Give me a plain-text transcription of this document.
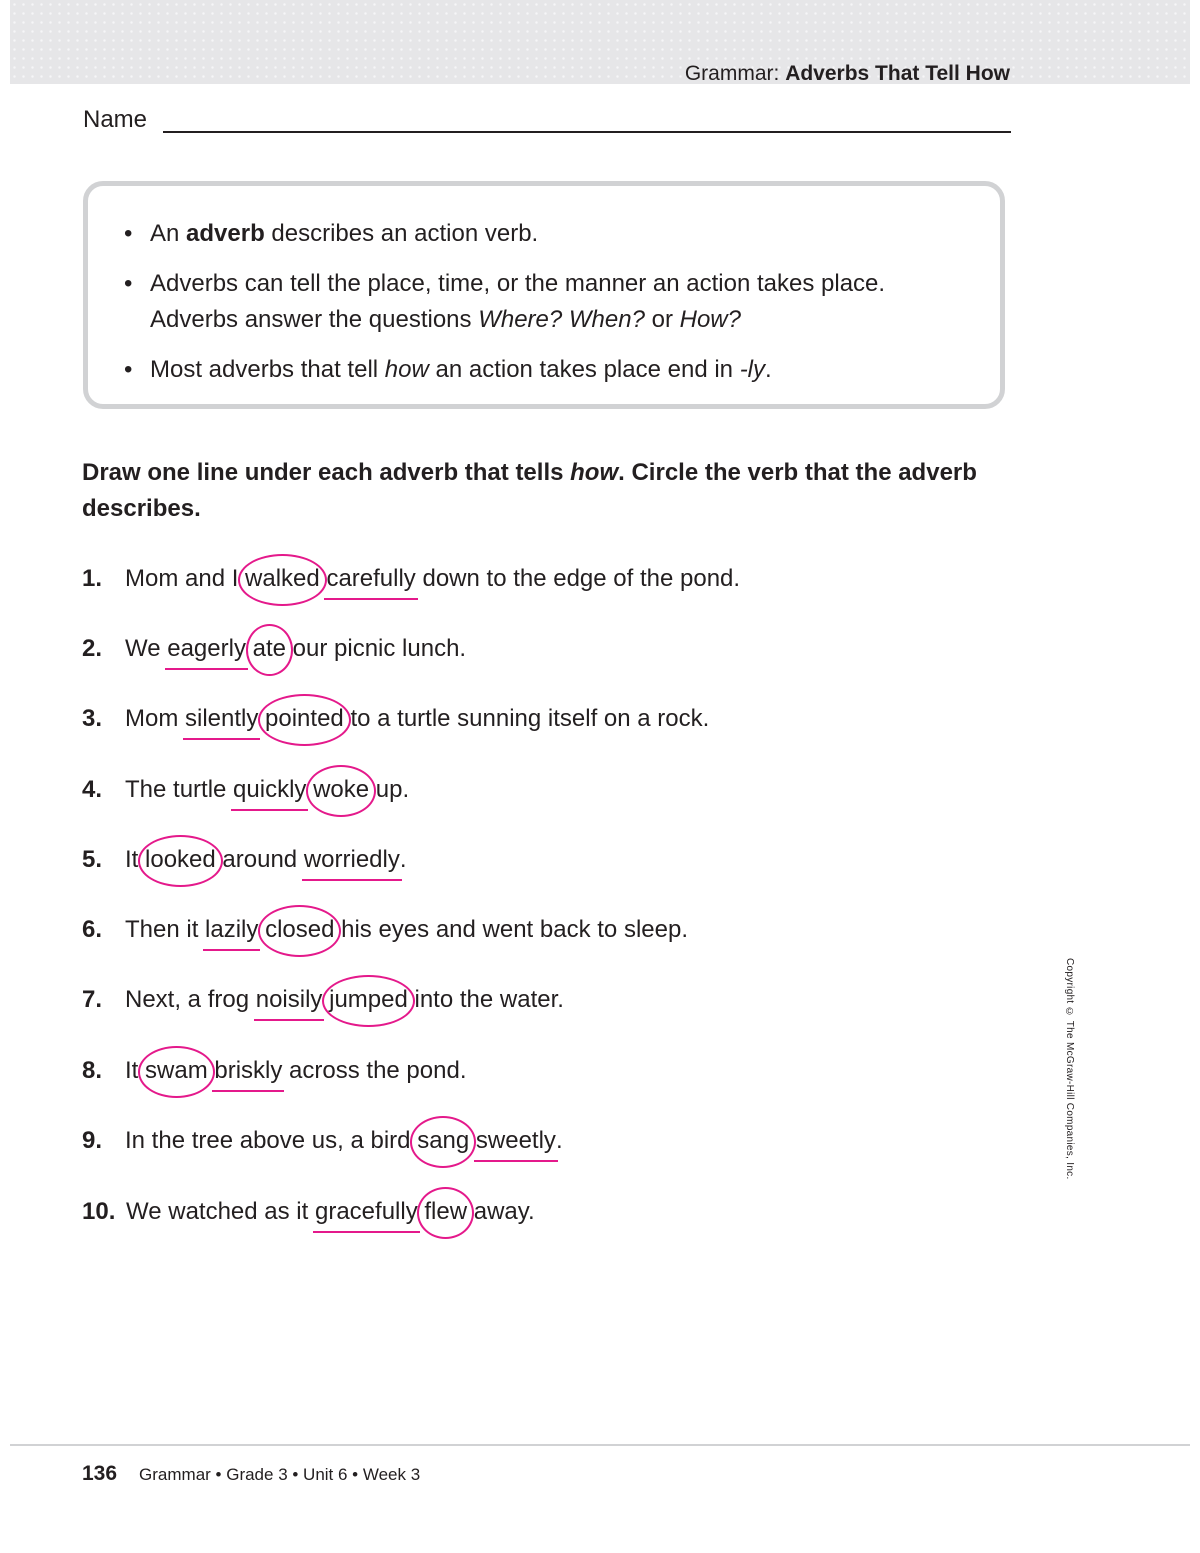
Grammar: Adverbs That Tell How
Name
• An adverb describes an action verb.
• Adverbs can tell the place, time, or the manner an action takes place. Adverbs answer the questions Where? When? or How?
• Most adverbs that tell how an action takes place end in -ly.
Draw one line under each adverb that tells how. Circle the verb that the adverb describes.
1. Mom and I walked carefully down to the edge of the pond.
2. We eagerly ate
our picnic lunch.
3. Mom silently pointed
to a turtle sunning itself on a rock.
4. The turtle quickly woke
up.
5. It looked
around worriedly.
6. Then it lazily closed
his eyes and went back to sleep.
7. Next, a frog noisily jumped
into the water.
8. It swam briskly across the pond.
9. In the tree above us, a bird sang sweetly.
10. We watched as it gracefully flew
away.
Copyright © The McGraw-Hill Companies, Inc.
136 Grammar • Grade 3 • Unit 6 • Week 3
